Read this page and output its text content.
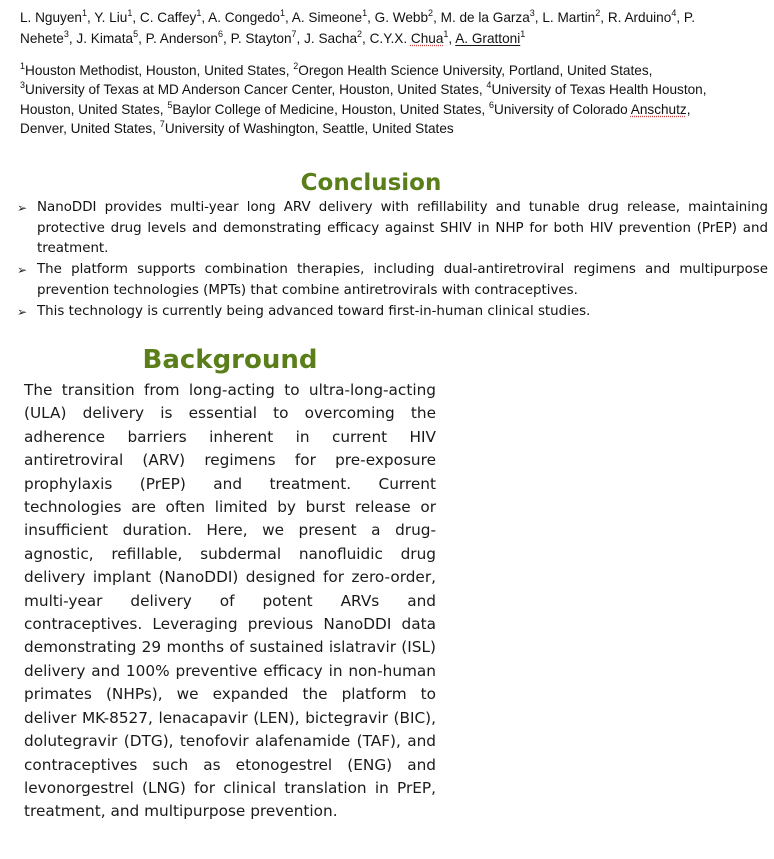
L. Nguyen$^1$, Y. Liu$^1$, C. Caffey$^1$, A. Congedo$^1$, A. Simeone$^1$, G. Webb$^2$, M. de la Garza$^3$, L. Martin$^2$, R. Arduino$^4$, P. Nehete$^3$, J. Kimata$^5$, P. Anderson$^6$, P. Stayton$^7$, J. Sacha$^2$, C.Y.X. Chua$^1$, A. Grattoni$^1$
$^1$Houston Methodist, Houston, United States, $^2$Oregon Health Science University, Portland, United States, $^3$University of Texas at MD Anderson Cancer Center, Houston, United States, $^4$University of Texas Health Houston, Houston, United States, $^5$Baylor College of Medicine, Houston, United States, $^6$University of Colorado Anschutz, Denver, United States, $^7$University of Washington, Seattle, United States
Conclusion
➢ NanoDDI provides multi-year long ARV delivery with refillability and tunable drug release, maintaining protective drug levels and demonstrating efficacy against SHIV in NHP for both HIV prevention (PrEP) and treatment.
➢ The platform supports combination therapies, including dual-antiretroviral regimens and multipurpose prevention technologies (MPTs) that combine antiretrovirals with contraceptives.
➢ This technology is currently being advanced toward first-in-human clinical studies.
Background

The transition from long-acting to ultra-long-acting (ULA) delivery is essential to overcoming the adherence barriers inherent in current HIV antiretroviral (ARV) regimens for pre-exposure prophylaxis (PrEP) and treatment. Current technologies are often limited by burst release or insufficient duration. Here, we present a drug-agnostic, refillable, subdermal nanofluidic drug delivery implant (NanoDDI) designed for zero-order, multi-year delivery of potent ARVs and contraceptives. Leveraging previous NanoDDI data demonstrating 29 months of sustained islatravir (ISL) delivery and 100% preventive efficacy in non-human primates (NHPs), we expanded the platform to deliver MK-8527, lenacapavir (LEN), bictegravir (BIC), dolutegravir (DTG), tenofovir alafenamide (TAF), and contraceptives such as etonogestrel (ENG) and levonorgestrel (LNG) for clinical translation in PrEP, treatment, and multipurpose prevention.
